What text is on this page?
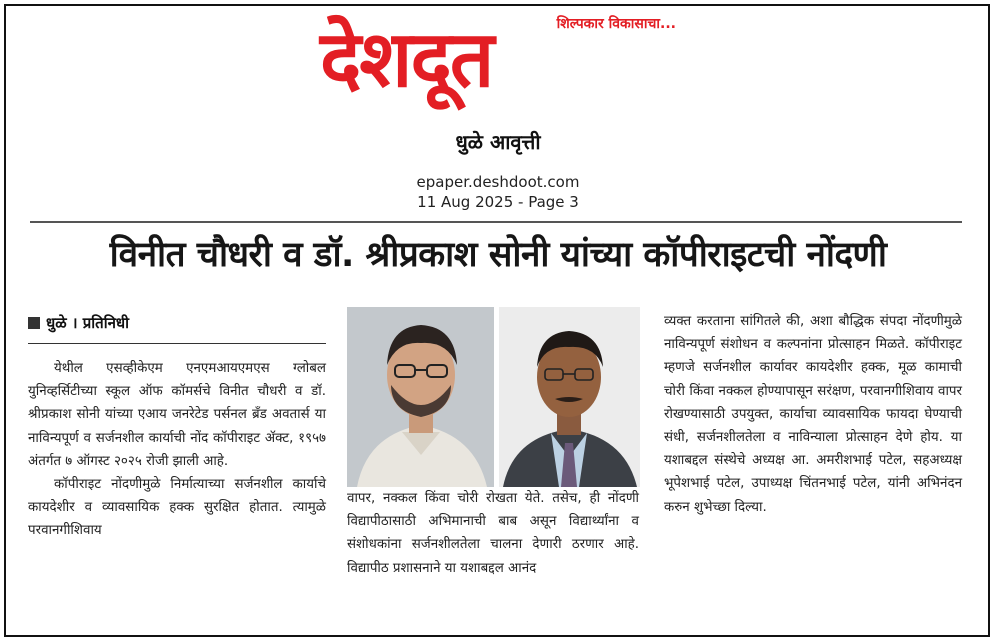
देशदूत	शिल्पकार विकासाचा...
धुळे आवृत्ती
epaper.deshdoot.com
11 Aug 2025 - Page 3
विनीत चौधरी व डॉ. श्रीप्रकाश सोनी यांच्या कॉपीराइटची नोंदणी
धुळे । प्रतिनिधी

येथील एसव्हीकेएम एनएमआयएमएस ग्लोबल युनिव्हर्सिटीच्या स्कूल ऑफ कॉमर्सचे विनीत चौधरी व डॉ. श्रीप्रकाश सोनी यांच्या एआय जनरेटेड पर्सनल ब्रँड अवतार्स या नाविन्यपूर्ण व सर्जनशील कार्याची नोंद कॉपीराइट ॲक्ट, १९५७ अंतर्गत ७ ऑगस्ट २०२५ रोजी झाली आहे.

कॉपीराइट नोंदणीमुळे निर्मात्याच्या सर्जनशील कार्याचे कायदेशीर व व्यावसायिक हक्क सुरक्षित होतात. त्यामुळे परवानगीशिवाय

वापर, नक्कल किंवा चोरी रोखता येते. तसेच, ही नोंदणी विद्यापीठासाठी अभिमानाची बाब असून विद्यार्थ्यांना व संशोधकांना सर्जनशीलतेला चालना देणारी ठरणार आहे. विद्यापीठ प्रशासनाने या यशाबद्दल आनंद

व्यक्त करताना सांगितले की, अशा बौद्धिक संपदा नोंदणीमुळे नाविन्यपूर्ण संशोधन व कल्पनांना प्रोत्साहन मिळते. कॉपीराइट म्हणजे सर्जनशील कार्यावर कायदेशीर हक्क, मूळ कामाची चोरी किंवा नक्कल होण्यापासून सरंक्षण, परवानगीशिवाय वापर रोखण्यासाठी उपयुक्त, कार्याचा व्यावसायिक फायदा घेण्याची संधी, सर्जनशीलतेला व नाविन्याला प्रोत्साहन देणे होय. या यशाबद्दल संस्थेचे अध्यक्ष आ. अमरीशभाई पटेल, सहअध्यक्ष भूपेशभाई पटेल, उपाध्यक्ष चिंतनभाई पटेल, यांनी अभिनंदन करुन शुभेच्छा दिल्या.
